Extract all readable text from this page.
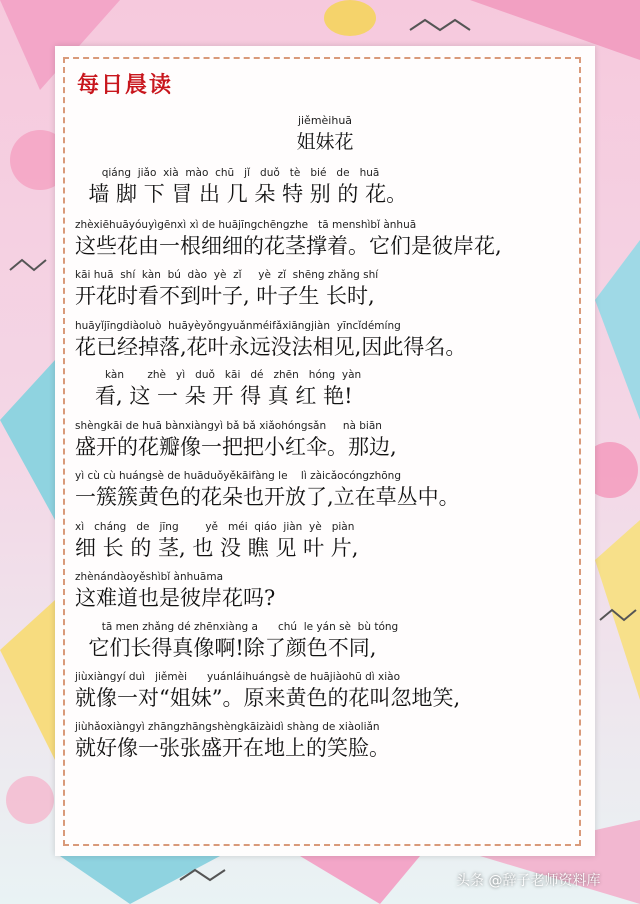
每日晨读
jiěmèihuā
姐妹花
qiáng  jiǎo  xià  mào  chū   jǐ   duǒ   tè   bié   de   huā
墙 脚 下 冒 出 几 朵 特 别 的 花。
zhèxiēhuāyóuyìgēnxì xì de huājīngchēngzhe   tā menshìbǐ ànhuā
这些花由一根细细的花茎撑着。它们是彼岸花,
kāi huā  shí  kàn  bú  dào  yè  zǐ     yè  zǐ  shēng zhǎng shí
开花时看不到叶子, 叶子生 长时,
huāyǐjīngdiàoluò  huāyèyǒngyuǎnméifǎxiāngjiàn  yīncǐdémíng
花已经掉落,花叶永远没法相见,因此得名。
kàn       zhè   yì   duǒ   kāi   dé   zhēn   hóng  yàn
看, 这 一 朵 开 得 真 红 艳!
shèngkāi de huā bànxiàngyì bǎ bǎ xiǎohóngsǎn     nà biān
盛开的花瓣像一把把小红伞。那边,
yì cù cù huángsè de huāduǒyěkāifàng le    lì zàicǎocóngzhōng
一簇簇黄色的花朵也开放了,立在草丛中。
xì   cháng   de   jīng        yě   méi  qiáo  jiàn  yè   piàn
细 长 的 茎, 也 没 瞧 见 叶 片,
zhènándàoyěshìbǐ ànhuāma
这难道也是彼岸花吗?
tā men zhǎng dé zhēnxiàng a      chú  le yán sè  bù tóng
它们长得真像啊!除了颜色不同,
jiùxiàngyí duì   jiěmèi      yuánláihuángsè de huājiàohū dì xiào
就像一对“姐妹”。原来黄色的花叫忽地笑,
jiùhǎoxiàngyì zhāngzhāngshèngkāizàidì shàng de xiàoliǎn
就好像一张张盛开在地上的笑脸。
头条 @辞子老师资料库
